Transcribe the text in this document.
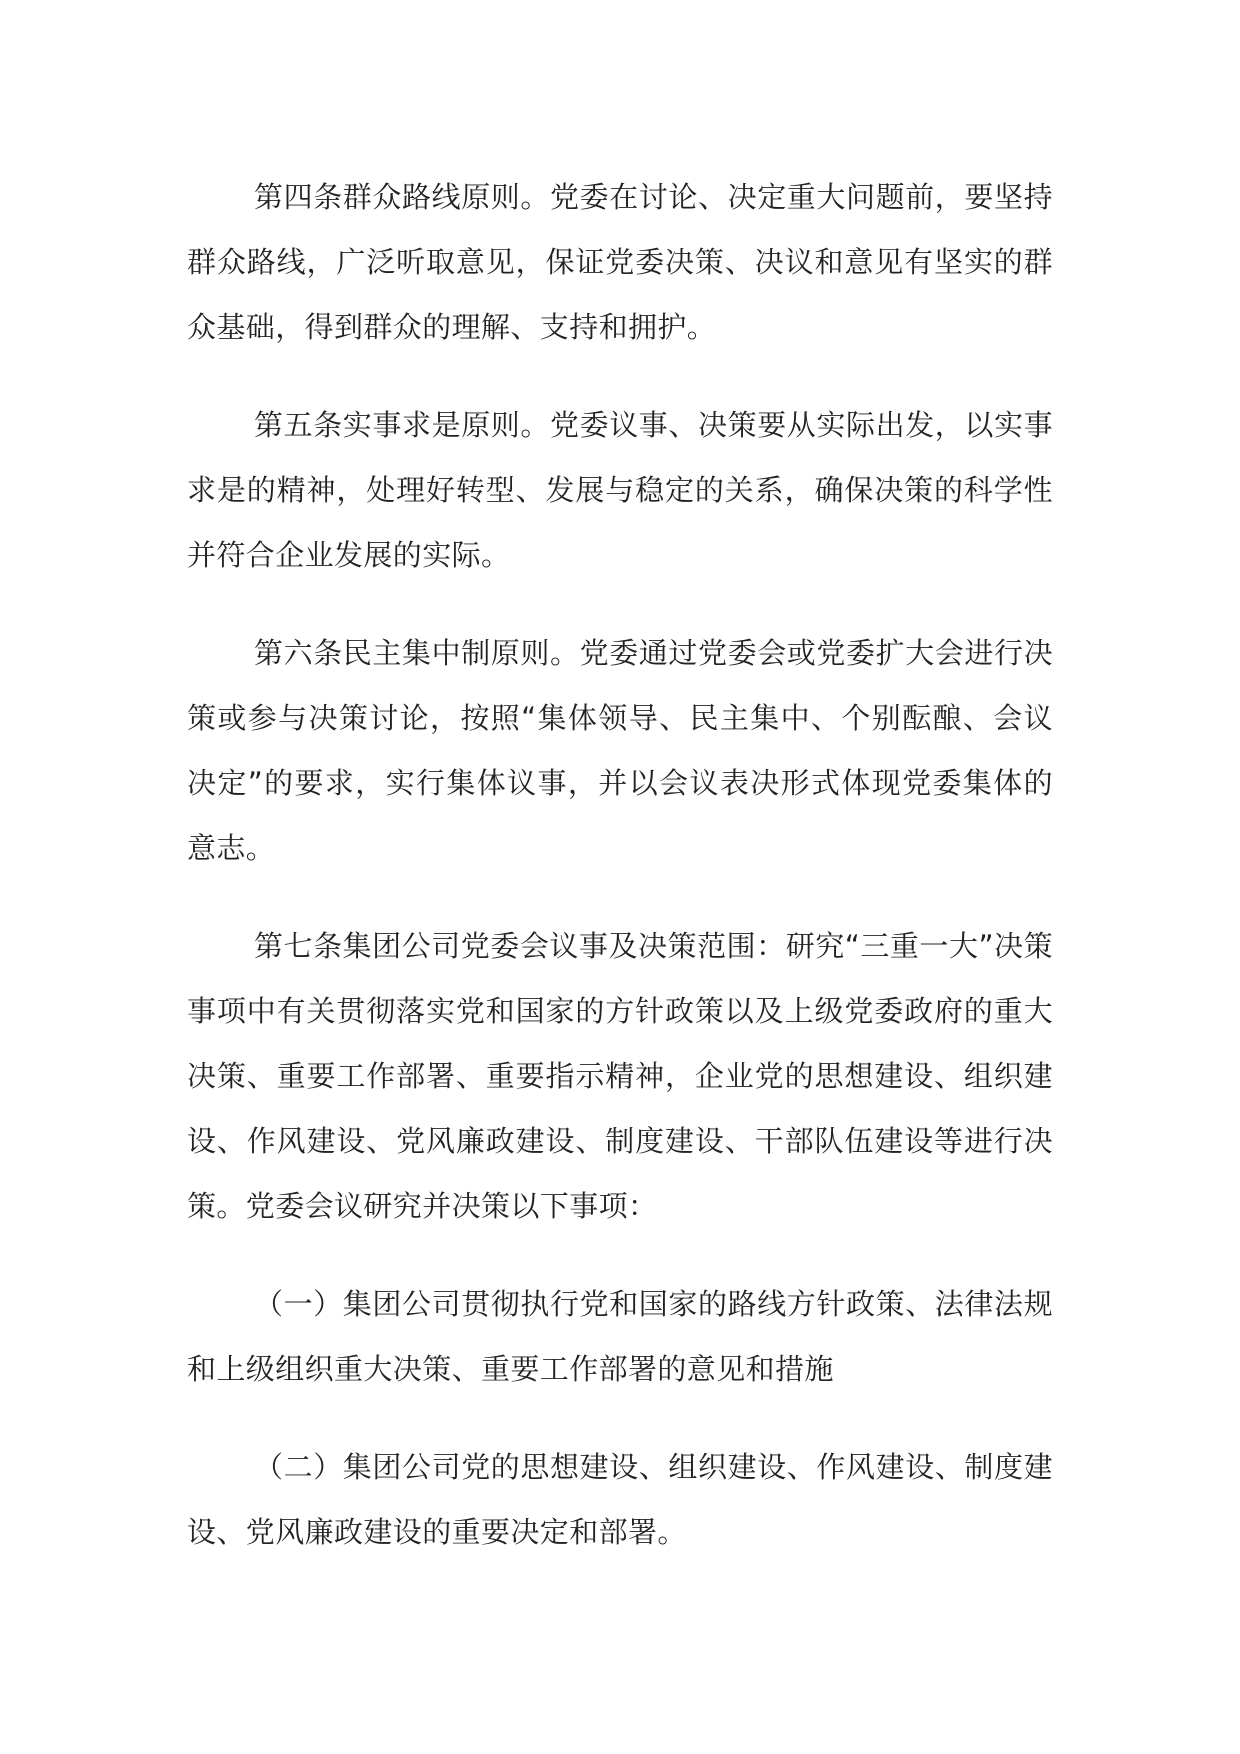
第四条群众路线原则。党委在讨论、决定重大问题前，要坚持群众路线，广泛听取意见，保证党委决策、决议和意见有坚实的群众基础，得到群众的理解、支持和拥护。

第五条实事求是原则。党委议事、决策要从实际出发，以实事求是的精神，处理好转型、发展与稳定的关系，确保决策的科学性并符合企业发展的实际。

第六条民主集中制原则。党委通过党委会或党委扩大会进行决策或参与决策讨论，按照“集体领导、民主集中、个别酝酿、会议决定”的要求，实行集体议事，并以会议表决形式体现党委集体的意志。

第七条集团公司党委会议事及决策范围：研究“三重一大”决策事项中有关贯彻落实党和国家的方针政策以及上级党委政府的重大决策、重要工作部署、重要指示精神，企业党的思想建设、组织建设、作风建设、党风廉政建设、制度建设、干部队伍建设等进行决策。党委会议研究并决策以下事项：

（一）集团公司贯彻执行党和国家的路线方针政策、法律法规和上级组织重大决策、重要工作部署的意见和措施

（二）集团公司党的思想建设、组织建设、作风建设、制度建设、党风廉政建设的重要决定和部署。
